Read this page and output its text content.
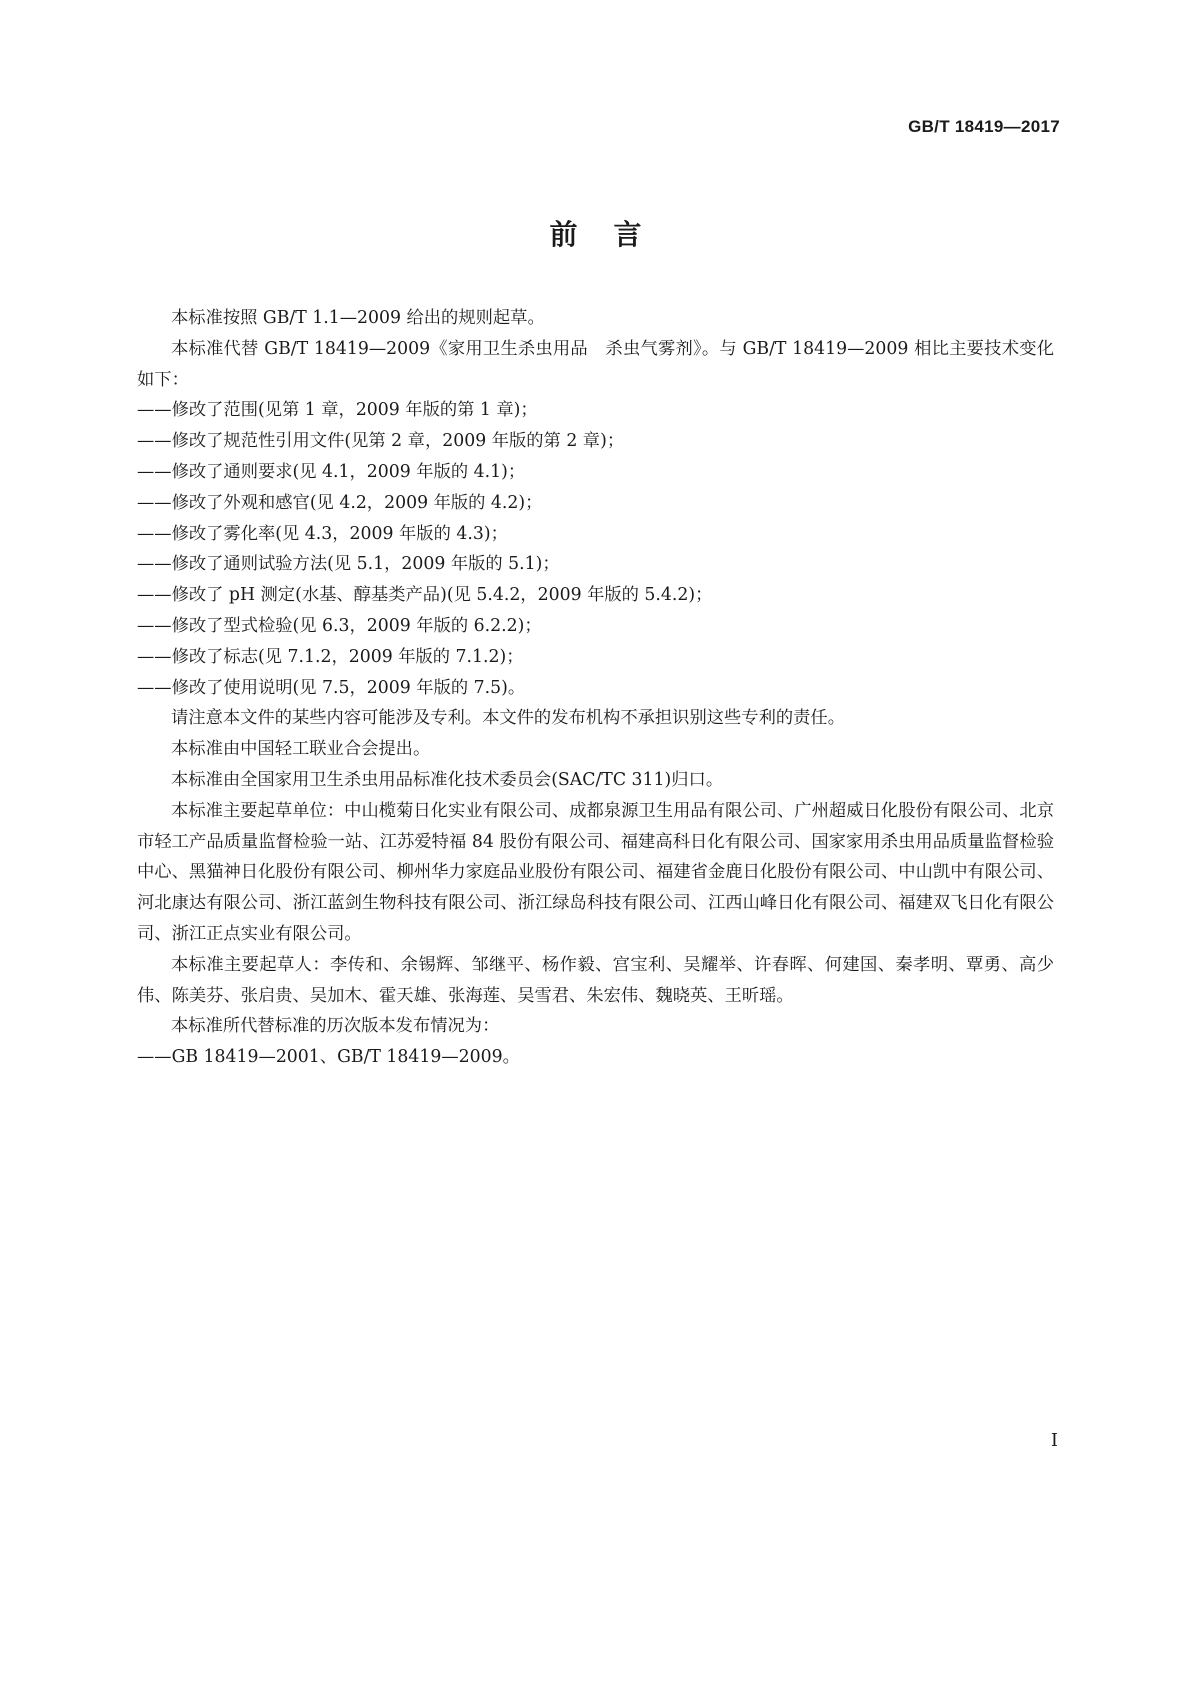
GB/T 18419—2017
前言

本标准按照 GB/T 1.1—2009 给出的规则起草。

本标准代替 GB/T 18419—2009《家用卫生杀虫用品　杀虫气雾剂》。与 GB/T 18419—2009 相比主要技术变化如下：

——修改了范围(见第 1 章，2009 年版的第 1 章)；

——修改了规范性引用文件(见第 2 章，2009 年版的第 2 章)；

——修改了通则要求(见 4.1，2009 年版的 4.1)；

——修改了外观和感官(见 4.2，2009 年版的 4.2)；

——修改了雾化率(见 4.3，2009 年版的 4.3)；

——修改了通则试验方法(见 5.1，2009 年版的 5.1)；

——修改了 pH 测定(水基、醇基类产品)(见 5.4.2，2009 年版的 5.4.2)；

——修改了型式检验(见 6.3，2009 年版的 6.2.2)；

——修改了标志(见 7.1.2，2009 年版的 7.1.2)；

——修改了使用说明(见 7.5，2009 年版的 7.5)。

请注意本文件的某些内容可能涉及专利。本文件的发布机构不承担识别这些专利的责任。

本标准由中国轻工联业合会提出。

本标准由全国家用卫生杀虫用品标准化技术委员会(SAC/TC 311)归口。

本标准主要起草单位：中山榄菊日化实业有限公司、成都泉源卫生用品有限公司、广州超威日化股份有限公司、北京市轻工产品质量监督检验一站、江苏爱特福 84 股份有限公司、福建高科日化有限公司、国家家用杀虫用品质量监督检验中心、黑猫神日化股份有限公司、柳州华力家庭品业股份有限公司、福建省金鹿日化股份有限公司、中山凯中有限公司、河北康达有限公司、浙江蓝剑生物科技有限公司、浙江绿岛科技有限公司、江西山峰日化有限公司、福建双飞日化有限公司、浙江正点实业有限公司。

本标准主要起草人：李传和、余锡辉、邹继平、杨作毅、宫宝利、吴耀举、许春晖、何建国、秦孝明、覃勇、高少伟、陈美芬、张启贵、吴加木、霍天雄、张海莲、吴雪君、朱宏伟、魏晓英、王昕瑶。

本标准所代替标准的历次版本发布情况为：

——GB 18419—2001、GB/T 18419—2009。

I
